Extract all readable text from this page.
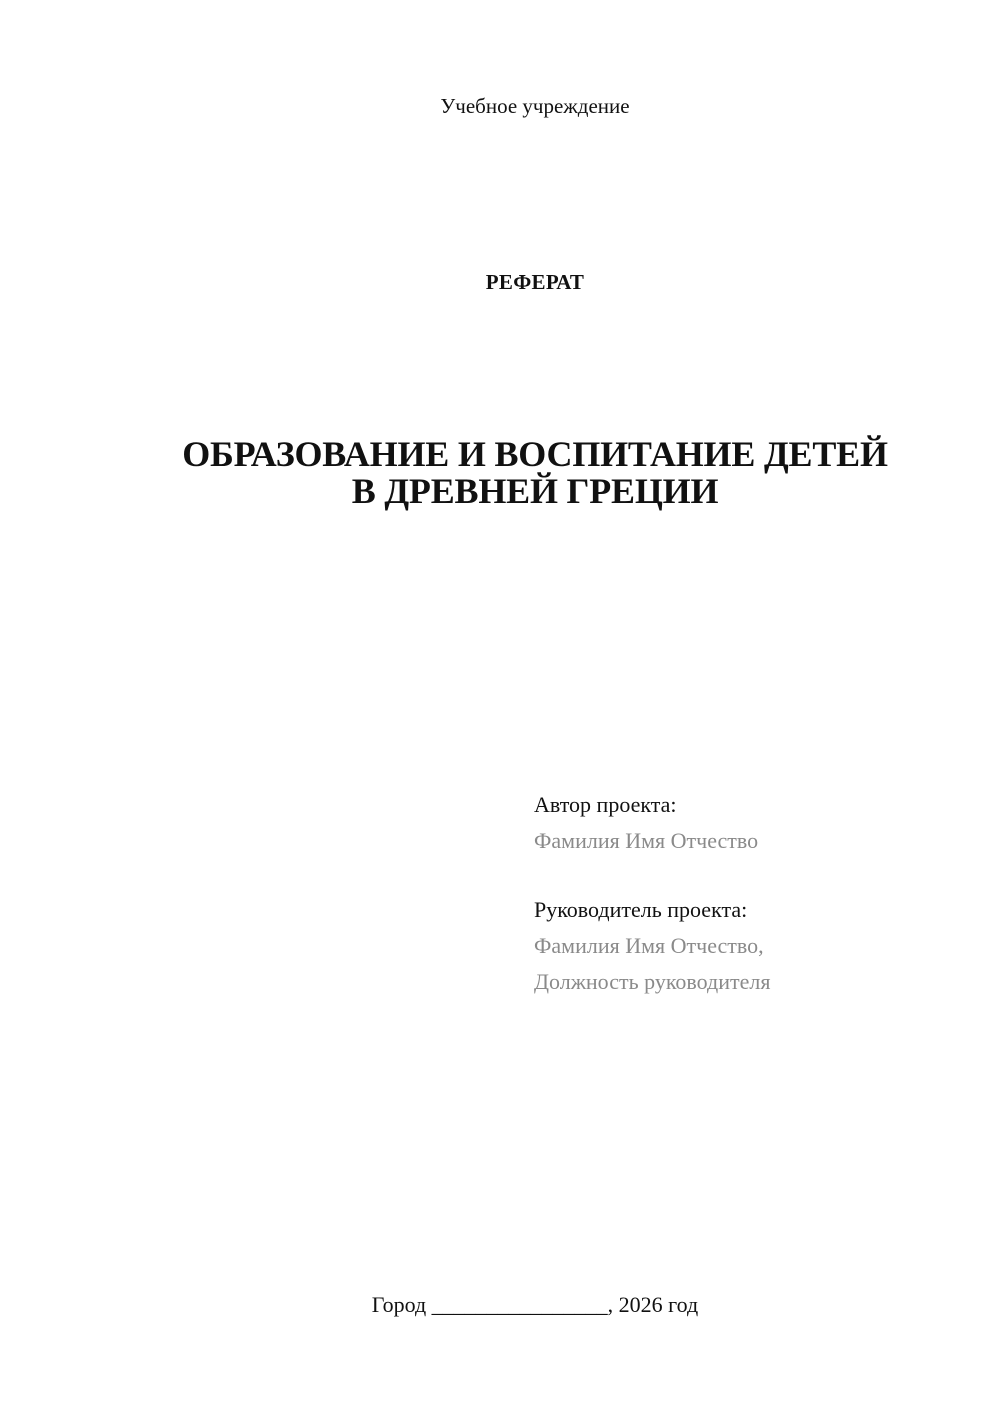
Учебное учреждение
РЕФЕРАТ
ОБРАЗОВАНИЕ И ВОСПИТАНИЕ ДЕТЕЙ
В ДРЕВНЕЙ ГРЕЦИИ
Автор проекта:
Фамилия Имя Отчество
Руководитель проекта:
Фамилия Имя Отчество,
Должность руководителя
Город ________________, 2026 год
